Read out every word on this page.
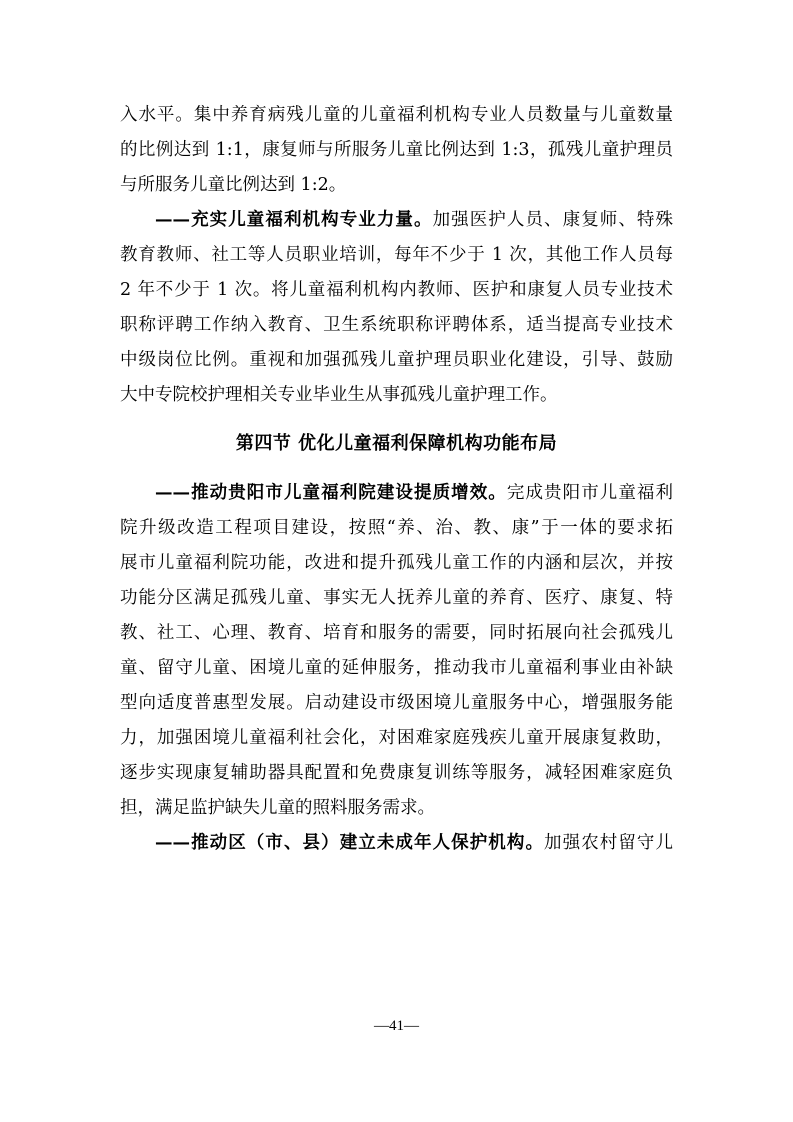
入水平。集中养育病残儿童的儿童福利机构专业人员数量与儿童数量

的比例达到 1:1，康复师与所服务儿童比例达到 1:3，孤残儿童护理员

与所服务儿童比例达到 1:2。

——充实儿童福利机构专业力量。加强医护人员、康复师、特殊

教育教师、社工等人员职业培训，每年不少于 1 次，其他工作人员每

2 年不少于 1 次。将儿童福利机构内教师、医护和康复人员专业技术

职称评聘工作纳入教育、卫生系统职称评聘体系，适当提高专业技术

中级岗位比例。重视和加强孤残儿童护理员职业化建设，引导、鼓励

大中专院校护理相关专业毕业生从事孤残儿童护理工作。

第四节 优化儿童福利保障机构功能布局

——推动贵阳市儿童福利院建设提质增效。完成贵阳市儿童福利

院升级改造工程项目建设，按照“养、治、教、康”于一体的要求拓

展市儿童福利院功能，改进和提升孤残儿童工作的内涵和层次，并按

功能分区满足孤残儿童、事实无人抚养儿童的养育、医疗、康复、特

教、社工、心理、教育、培育和服务的需要，同时拓展向社会孤残儿

童、留守儿童、困境儿童的延伸服务，推动我市儿童福利事业由补缺

型向适度普惠型发展。启动建设市级困境儿童服务中心，增强服务能

力，加强困境儿童福利社会化，对困难家庭残疾儿童开展康复救助，

逐步实现康复辅助器具配置和免费康复训练等服务，减轻困难家庭负

担，满足监护缺失儿童的照料服务需求。

——推动区（市、县）建立未成年人保护机构。加强农村留守儿

—41—
